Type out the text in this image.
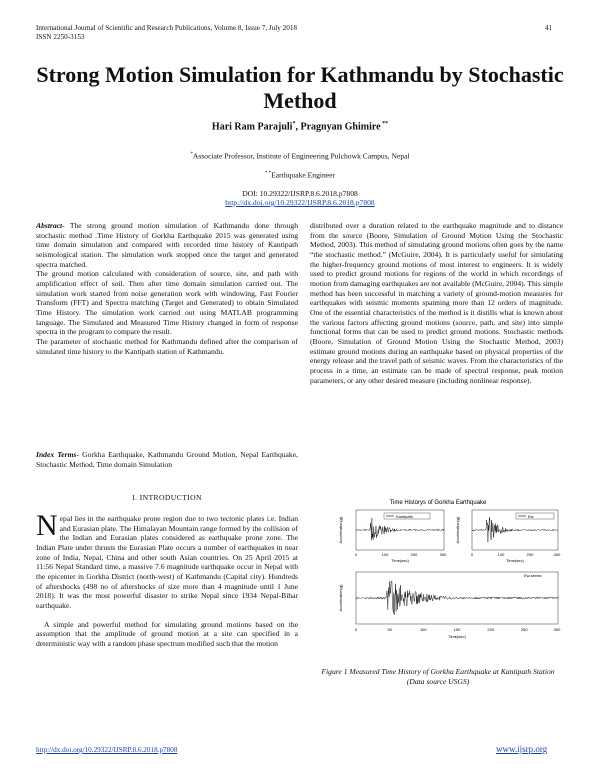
International Journal of Scientific and Research Publications, Volume 8, Issue 7, July 2018	41
ISSN 2250-3153
Strong Motion Simulation for Kathmandu by Stochastic Method
Hari Ram Parajuli*, Pragnyan Ghimire **
*Associate Professor, Institute of Engineering Pulchowk Campus, Nepal
* *Earthquake Engineer
DOI: 10.29322/IJSRP.8.6.2018.p7808
http://dx.doi.org/10.29322/IJSRP.8.6.2018.p7808

Abstract- The strong ground motion simulation of Kathmandu done through stochastic method .Time History of Gorkha Earthquake 2015 was generated using time domain simulation and compared with recorded time history of Kantipath seismological station. The simulation work stopped once the target and generated spectra matched.

The ground motion calculated with consideration of source, site, and path with amplification effect of soil. Then after time domain simulation carried out. The simulation work started from noise generation work with windowing, Fast Fourier Transform (FFT) and Spectra matching (Target and Generated) to obtain Simulated Time History. The simulation work carried out using MATLAB programming language. The Simulated and Measured Time History changed in form of response spectra in the program to compare the result.

The parameter of stochastic method for Kathmandu defined after the comparison of simulated time history to the Kantipath station of Kathmandu.

Index Terms- Gorkha Earthquake, Kathmandu Ground Motion, Nepal Earthquake, Stochastic Method, Time domain Simulation
I. INTRODUCTION

Nepal lies in the earthquake prone region due to two tectonic plates i.e. Indian and Eurasian plate. The Himalayan Mountain range formed by the collision of the Indian and Eurasian plates considered as earthquake prone zone. The Indian Plate under thrusts the Eurasian Plate occurs a number of earthquakes in near zone of India, Nepal, China and other south Asian countries. On 25 April 2015 at 11:56 Nepal Standard time, a massive 7.6 magnitude earthquake occur in Nepal with the epicenter in Gorkha District (north-west) of Kathmandu (Capital city). Hundreds of aftershocks (498 no of aftershocks of size more than 4 magnitude until 1 June 2018). It was the most powerful disaster to strike Nepal since 1934 Nepal-Bihar earthquake.

A simple and powerful method for simulating ground motions based on the assumption that the amplitude of ground motion at a site can specified in a deterministic way with a random phase spectrum modified such that the motion

distributed over a duration related to the earthquake magnitude and to distance from the source (Boore, Simulation of Ground Motion Using the Stochastic Method, 2003). This method of simulating ground motions often goes by the name “the stochastic method.” (McGuire, 2004). It is particularly useful for simulating the higher-frequency ground motions of most interest to engineers. It is widely used to predict ground motions for regions of the world in which recordings of motion from damaging earthquakes are not available (McGuire, 2004). This simple method has been successful in matching a variety of ground-motion measures for earthquakes with seismic moments spanning more than 12 orders of magnitude. One of the essential characteristics of the method is it distills what is known about the various factors affecting ground motions (source, path, and site) into simple functional forms that can be used to predict ground motions. Stochastic methods (Boore, Simulation of Ground Motion Using the Stochastic Method, 2003) estimate ground motions during an earthquake based on physical properties of the energy release and the travel path of seismic waves. From the characteristics of the process in a time, an estimate can be made of spectral response, peak motion parameters, or any other desired measure (including nonlinear response).

Time Historys of Gorkha Earthquake
Kantipath
Acceleration(g)
0	100	200	300
Time(sec)
Ew
Acceleration(g)
0	100	200	300
Time(sec)
Ew-series
Acceleration(g)
0	50	100	150	200	250	300
Time(sec)
Figure 1 Measured Time History of Gorkha Earthquake at Kantipath Station (Data source USGS)
http://dx.doi.org/10.29322/IJSRP.8.6.2018.p7808	www.ijsrp.org
